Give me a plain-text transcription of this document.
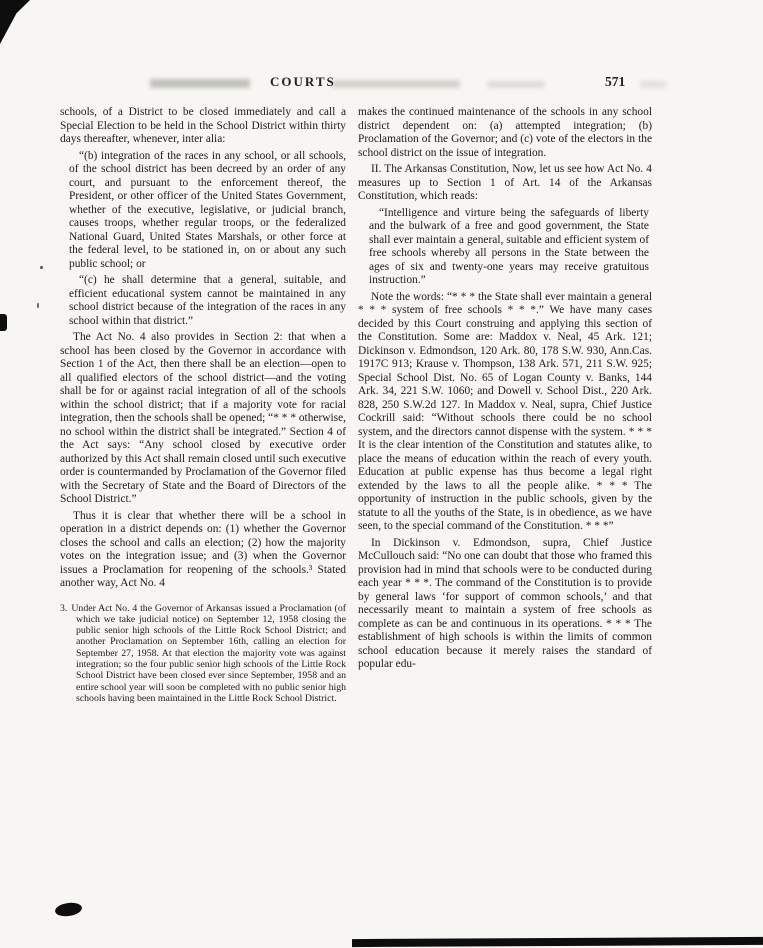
COURTS	571

schools, of a District to be closed immediately and call a Special Election to be held in the School District within thirty days thereafter, whenever, inter alia:

“(b) integration of the races in any school, or all schools, of the school district has been decreed by an order of any court, and pursuant to the enforcement thereof, the President, or other officer of the United States Government, whether of the executive, legislative, or judicial branch, causes troops, whether regular troops, or the federalized National Guard, United States Marshals, or other force at the federal level, to be stationed in, on or about any such public school; or

“(c) he shall determine that a general, suitable, and efficient educational system cannot be maintained in any school district because of the integration of the races in any school within that district.”

The Act No. 4 also provides in Section 2: that when a school has been closed by the Governor in accordance with Section 1 of the Act, then there shall be an election—open to all qualified electors of the school district—and the voting shall be for or against racial integration of all of the schools within the school district; that if a majority vote for racial integration, then the schools shall be opened; “* * * otherwise, no school within the district shall be integrated.” Section 4 of the Act says: “Any school closed by executive order authorized by this Act shall remain closed until such executive order is countermanded by Proclamation of the Governor filed with the Secretary of State and the Board of Directors of the School District.”

Thus it is clear that whether there will be a school in operation in a district depends on: (1) whether the Governor closes the school and calls an election; (2) how the majority votes on the integration issue; and (3) when the Governor issues a Proclamation for reopening of the schools.³ Stated another way, Act No. 4

3. Under Act No. 4 the Governor of Arkansas issued a Proclamation (of which we take judicial notice) on September 12, 1958 closing the public senior high schools of the Little Rock School District; and another Proclamation on September 16th, calling an election for September 27, 1958. At that election the majority vote was against integration; so the four public senior high schools of the Little Rock School District have been closed ever since September, 1958 and an entire school year will soon be completed with no public senior high schools having been maintained in the Little Rock School District.

makes the continued maintenance of the schools in any school district dependent on: (a) attempted integration; (b) Proclamation of the Governor; and (c) vote of the electors in the school district on the issue of integration.

II. The Arkansas Constitution, Now, let us see how Act No. 4 measures up to Section 1 of Art. 14 of the Arkansas Constitution, which reads:

“Intelligence and virture being the safeguards of liberty and the bulwark of a free and good government, the State shall ever maintain a general, suitable and efficient system of free schools whereby all persons in the State between the ages of six and twenty-one years may receive gratuitous instruction.”

Note the words: “* * * the State shall ever maintain a general * * * system of free schools * * *.” We have many cases decided by this Court construing and applying this section of the Constitution. Some are: Maddox v. Neal, 45 Ark. 121; Dickinson v. Edmondson, 120 Ark. 80, 178 S.W. 930, Ann.Cas. 1917C 913; Krause v. Thompson, 138 Ark. 571, 211 S.W. 925; Special School Dist. No. 65 of Logan County v. Banks, 144 Ark. 34, 221 S.W. 1060; and Dowell v. School Dist., 220 Ark. 828, 250 S.W.2d 127. In Maddox v. Neal, supra, Chief Justice Cockrill said: “Without schools there could be no school system, and the directors cannot dispense with the system. * * * It is the clear intention of the Constitution and statutes alike, to place the means of education within the reach of every youth. Education at public expense has thus become a legal right extended by the laws to all the people alike. * * * The opportunity of instruction in the public schools, given by the statute to all the youths of the State, is in obedience, as we have seen, to the special command of the Constitution. * * *”

In Dickinson v. Edmondson, supra, Chief Justice McCullouch said: “No one can doubt that those who framed this provision had in mind that schools were to be conducted during each year * * *. The command of the Constitution is to provide by general laws ‘for support of common schools,’ and that necessarily meant to maintain a system of free schools as complete as can be and continuous in its operations. * * * The establishment of high schools is within the limits of common school education because it merely raises the standard of popular edu-
